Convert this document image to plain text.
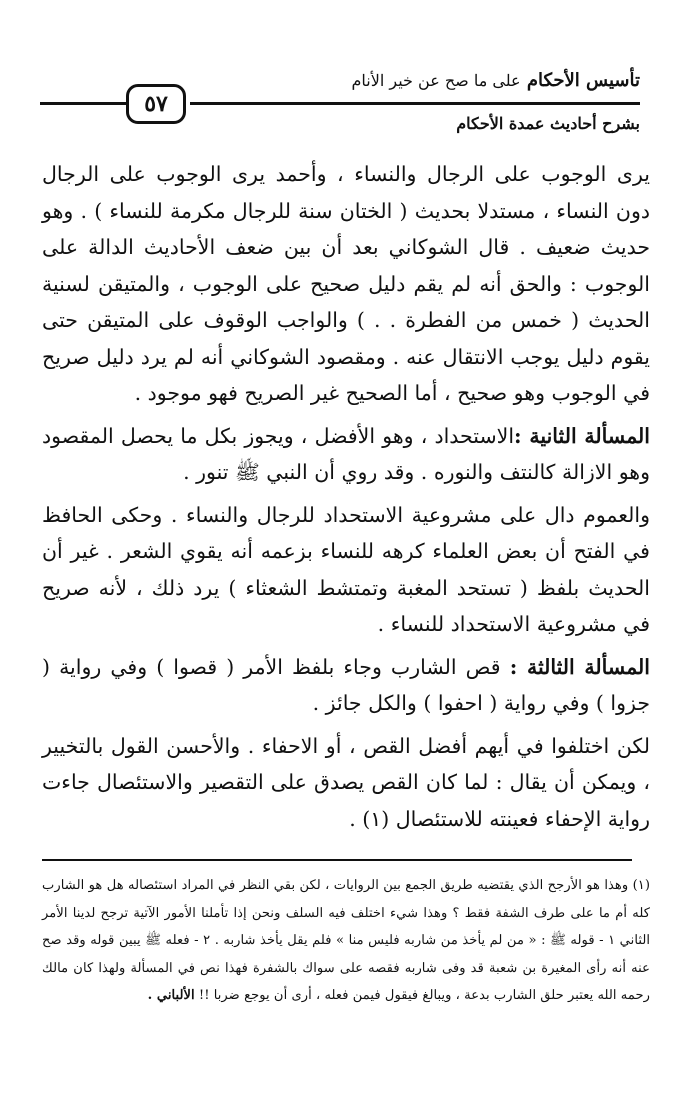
تأسيس الأحكام على ما صح عن خير الأنام
٥٧
بشرح أحاديث عمدة الأحكام

يرى الوجوب على الرجال والنساء ، وأحمد يرى الوجوب على الرجال دون النساء ، مستدلا بحديث ( الختان سنة للرجال مكرمة للنساء ) . وهو حديث ضعيف . قال الشوكاني بعد أن بين ضعف الأحاديث الدالة على الوجوب : والحق أنه لم يقم دليل صحيح على الوجوب ، والمتيقن لسنية الحديث ( خمس من الفطرة . . ) والواجب الوقوف على المتيقن حتى يقوم دليل يوجب الانتقال عنه . ومقصود الشوكاني أنه لم يرد دليل صريح في الوجوب وهو صحيح ، أما الصحيح غير الصريح فهو موجود .

المسألة الثانية :الاستحداد ، وهو الأفضل ، ويجوز بكل ما يحصل المقصود وهو الازالة كالنتف والنوره . وقد روي أن النبي ﷺ تنور .

والعموم دال على مشروعية الاستحداد للرجال والنساء . وحكى الحافظ في الفتح أن بعض العلماء كرهه للنساء بزعمه أنه يقوي الشعر . غير أن الحديث بلفظ ( تستحد المغبة وتمتشط الشعثاء ) يرد ذلك ، لأنه صريح في مشروعية الاستحداد للنساء .

المسألة الثالثة : قص الشارب وجاء بلفظ الأمر ( قصوا ) وفي رواية ( جزوا ) وفي رواية ( احفوا ) والكل جائز .

لكن اختلفوا في أيهم أفضل القص ، أو الاحفاء . والأحسن القول بالتخيير ، ويمكن أن يقال : لما كان القص يصدق على التقصير والاستئصال جاءت رواية الإحفاء فعينته للاستئصال (١) .

(١) وهذا هو الأرجح الذي يقتضيه طريق الجمع بين الروايات ، لكن بقي النظر في المراد استئصاله هل هو الشارب كله أم ما على طرف الشفة فقط ؟ وهذا شيء اختلف فيه السلف ونحن إذا تأملنا الأمور الآتية ترجح لدينا الأمر الثاني ١ - قوله ﷺ : « من لم يأخذ من شاربه فليس منا » فلم يقل يأخذ شاربه . ٢ - فعله ﷺ يبين قوله وقد صح عنه أنه رأى المغيرة بن شعبة قد وفى شاربه فقصه على سواك بالشفرة فهذا نص في المسألة ولهذا كان مالك رحمه الله يعتبر حلق الشارب بدعة ، ويبالغ فيقول فيمن فعله ، أرى أن يوجع ضربا !! الألباني .
